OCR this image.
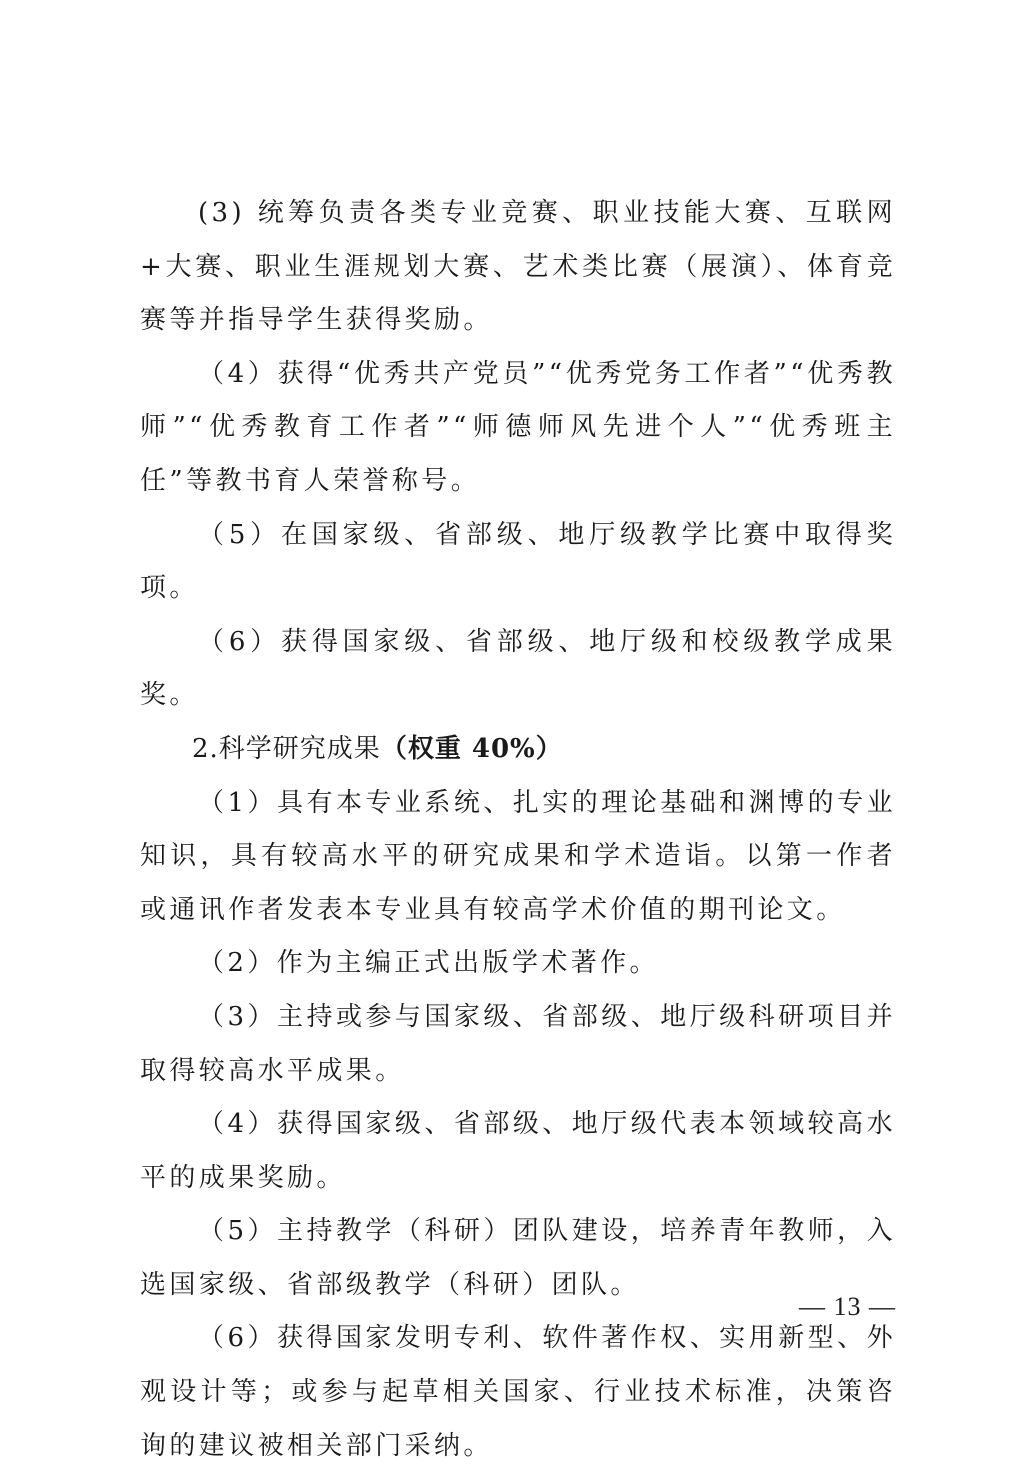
(3) 统筹负责各类专业竞赛、职业技能大赛、互联网+大赛、职业生涯规划大赛、艺术类比赛（展演）、体育竞赛等并指导学生获得奖励。

（4）获得“优秀共产党员”“优秀党务工作者”“优秀教师”“优秀教育工作者”“师德师风先进个人”“优秀班主任”等教书育人荣誉称号。

（5）在国家级、省部级、地厅级教学比赛中取得奖项。

（6）获得国家级、省部级、地厅级和校级教学成果奖。

2.科学研究成果（权重 40%）

（1）具有本专业系统、扎实的理论基础和渊博的专业知识，具有较高水平的研究成果和学术造诣。以第一作者或通讯作者发表本专业具有较高学术价值的期刊论文。

（2）作为主编正式出版学术著作。

（3）主持或参与国家级、省部级、地厅级科研项目并取得较高水平成果。

（4）获得国家级、省部级、地厅级代表本领域较高水平的成果奖励。

（5）主持教学（科研）团队建设，培养青年教师，入选国家级、省部级教学（科研）团队。

（6）获得国家发明专利、软件著作权、实用新型、外观设计等；或参与起草相关国家、行业技术标准，决策咨询的建议被相关部门采纳。

— 13 —
